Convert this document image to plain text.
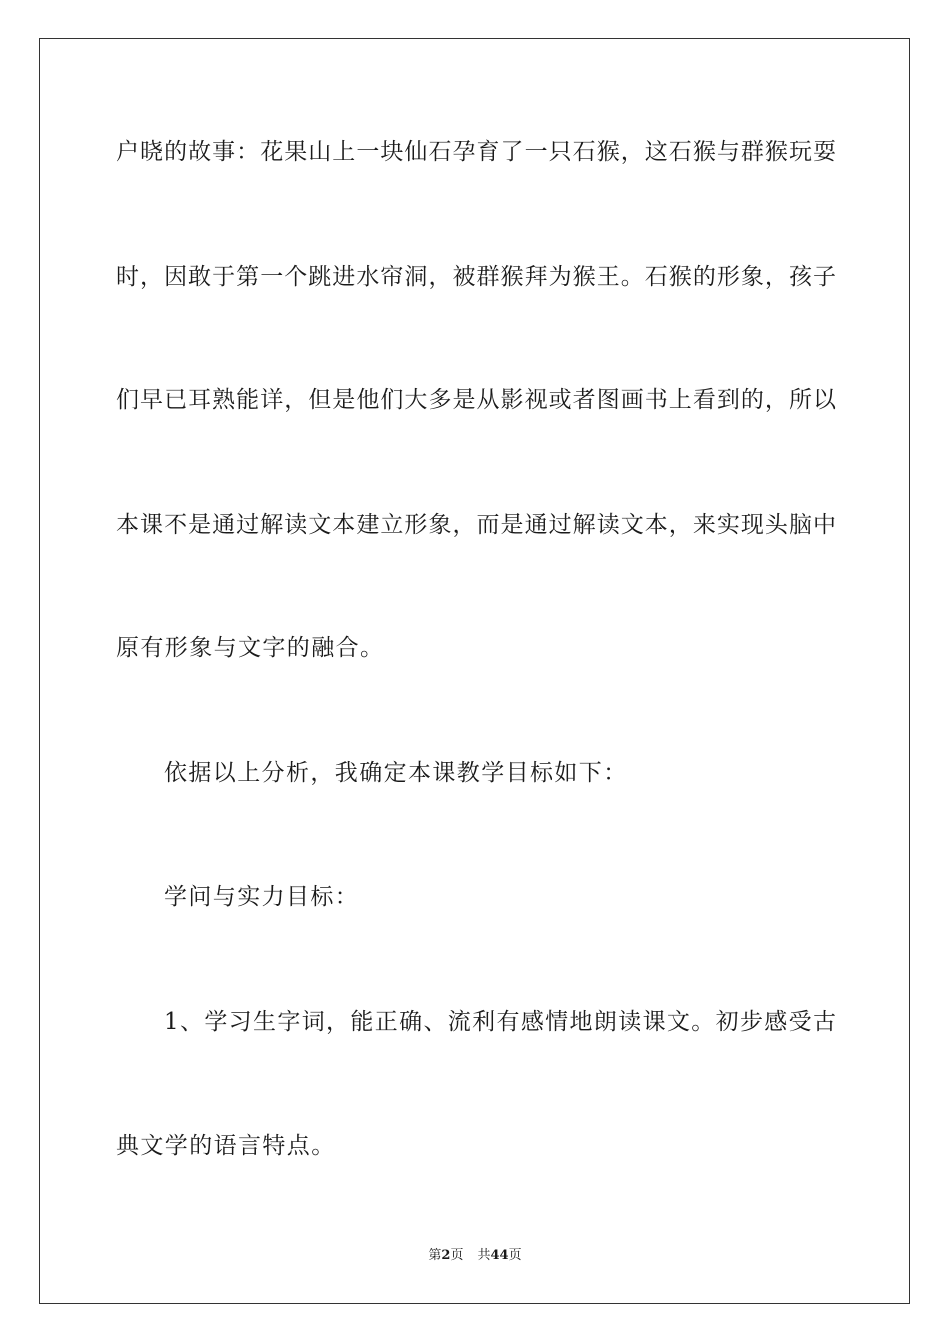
户晓的故事：花果山上一块仙石孕育了一只石猴，这石猴与群猴玩耍
时，因敢于第一个跳进水帘洞，被群猴拜为猴王。石猴的形象，孩子
们早已耳熟能详，但是他们大多是从影视或者图画书上看到的，所以
本课不是通过解读文本建立形象，而是通过解读文本，来实现头脑中
原有形象与文字的融合。
依据以上分析，我确定本课教学目标如下：
学问与实力目标：
1、学习生字词，能正确、流利有感情地朗读课文。初步感受古
典文学的语言特点。
第2页 共44页
